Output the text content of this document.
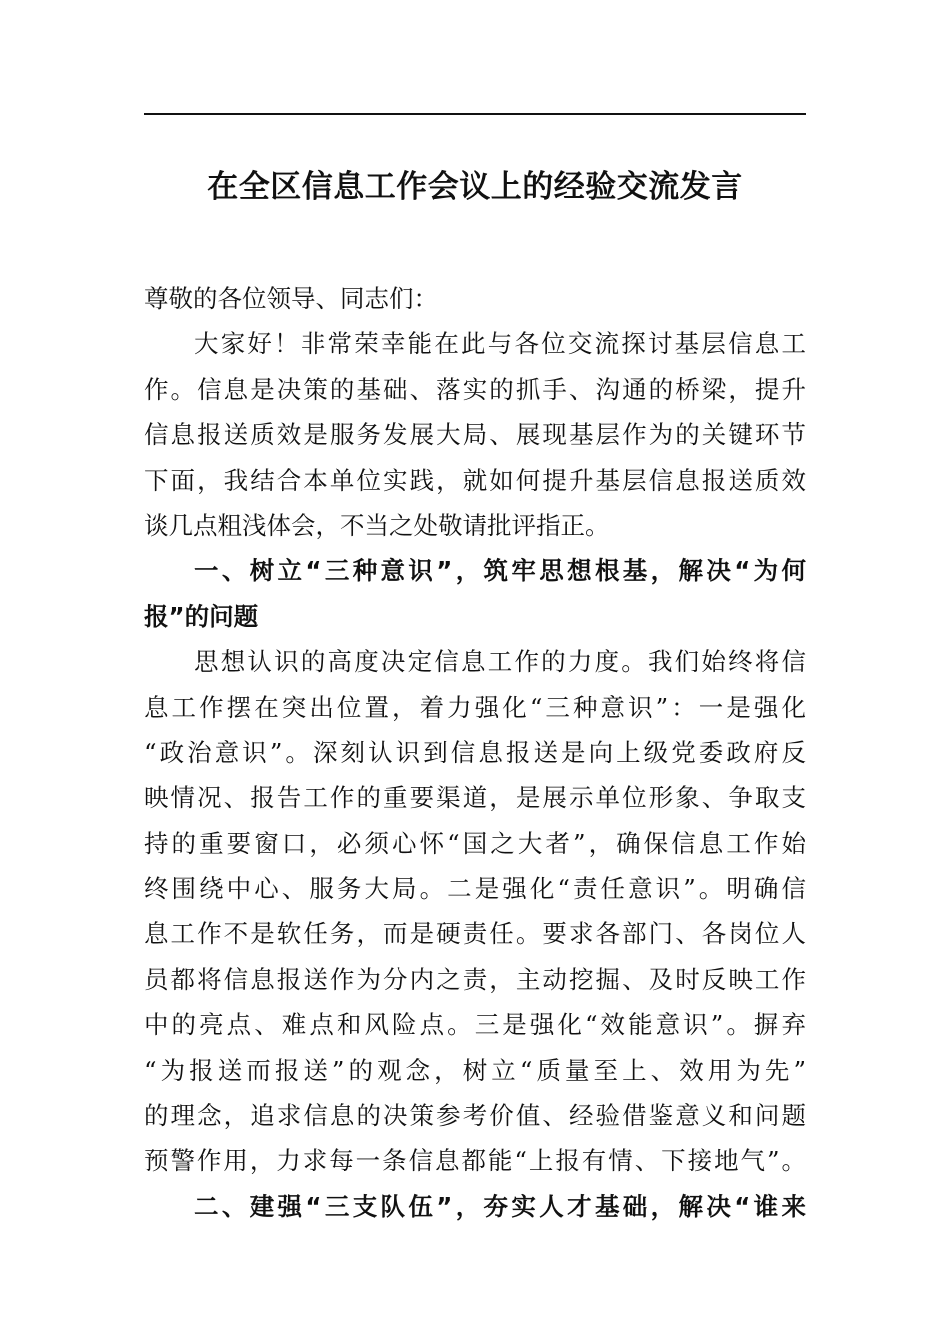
在全区信息工作会议上的经验交流发言
尊敬的各位领导、同志们：
大家好！非常荣幸能在此与各位交流探讨基层信息工
作。信息是决策的基础、落实的抓手、沟通的桥梁，提升
信息报送质效是服务发展大局、展现基层作为的关键环节
下面，我结合本单位实践，就如何提升基层信息报送质效
谈几点粗浅体会，不当之处敬请批评指正。
一、树立“三种意识”，筑牢思想根基，解决“为何
报”的问题
思想认识的高度决定信息工作的力度。我们始终将信
息工作摆在突出位置，着力强化“三种意识”：一是强化
“政治意识”。深刻认识到信息报送是向上级党委政府反
映情况、报告工作的重要渠道，是展示单位形象、争取支
持的重要窗口，必须心怀“国之大者”，确保信息工作始
终围绕中心、服务大局。二是强化“责任意识”。明确信
息工作不是软任务，而是硬责任。要求各部门、各岗位人
员都将信息报送作为分内之责，主动挖掘、及时反映工作
中的亮点、难点和风险点。三是强化“效能意识”。摒弃
“为报送而报送”的观念，树立“质量至上、效用为先”
的理念，追求信息的决策参考价值、经验借鉴意义和问题
预警作用，力求每一条信息都能“上报有情、下接地气”。
二、建强“三支队伍”，夯实人才基础，解决“谁来
